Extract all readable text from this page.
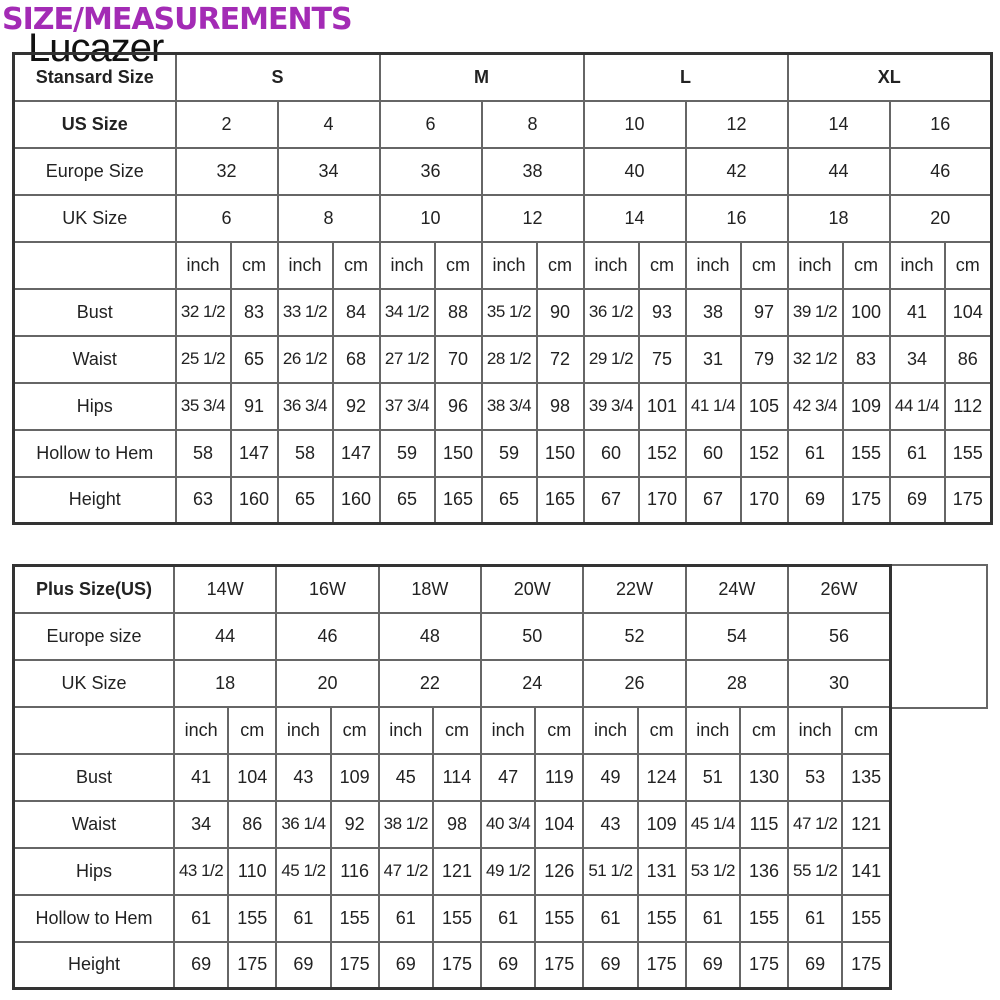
SIZE/MEASUREMENTS
Lucazer
Stansard Size	S				M				L				XL			
US Size	2		4		6		8		10		12		14		16	
Europe Size	32		34		36		38		40		42		44		46	
UK Size	6		8		10		12		14		16		18		20	
	inch	cm	inch	cm	inch	cm	inch	cm	inch	cm	inch	cm	inch	cm	inch	cm
Bust	32 1/2	83	33 1/2	84	34 1/2	88	35 1/2	90	36 1/2	93	38	97	39 1/2	100	41	104
Waist	25 1/2	65	26 1/2	68	27 1/2	70	28 1/2	72	29 1/2	75	31	79	32 1/2	83	34	86
Hips	35 3/4	91	36 3/4	92	37 3/4	96	38 3/4	98	39 3/4	101	41 1/4	105	42 3/4	109	44 1/4	112
Hollow to Hem	58	147	58	147	59	150	59	150	60	152	60	152	61	155	61	155
Height	63	160	65	160	65	165	65	165	67	170	67	170	69	175	69	175
Plus Size(US)	14W		16W		18W		20W		22W		24W		26W	
Europe size	44		46		48		50		52		54		56	
UK Size	18		20		22		24		26		28		30	
	inch	cm	inch	cm	inch	cm	inch	cm	inch	cm	inch	cm	inch	cm
Bust	41	104	43	109	45	114	47	119	49	124	51	130	53	135
Waist	34	86	36 1/4	92	38 1/2	98	40 3/4	104	43	109	45 1/4	115	47 1/2	121
Hips	43 1/2	110	45 1/2	116	47 1/2	121	49 1/2	126	51 1/2	131	53 1/2	136	55 1/2	141
Hollow to Hem	61	155	61	155	61	155	61	155	61	155	61	155	61	155
Height	69	175	69	175	69	175	69	175	69	175	69	175	69	175
